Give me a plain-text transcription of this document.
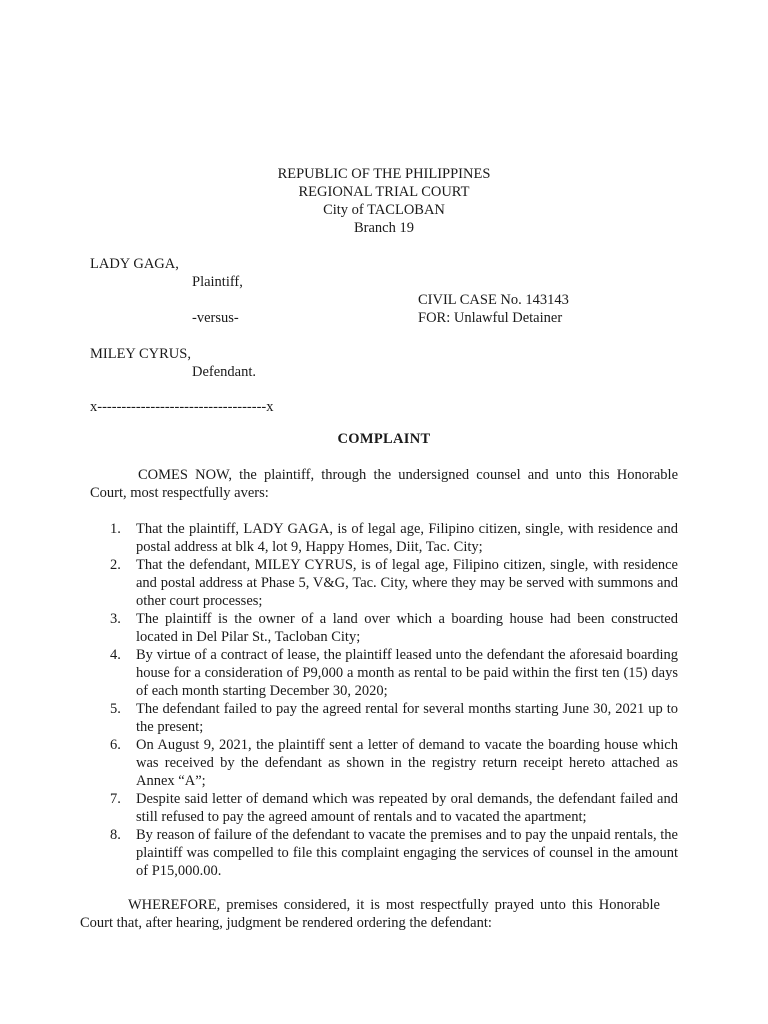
REPUBLIC OF THE PHILIPPINES
REGIONAL TRIAL COURT
City of TACLOBAN
Branch 19
LADY GAGA,
Plaintiff,
CIVIL CASE No. 143143
-versus-	FOR: Unlawful Detainer
MILEY CYRUS,
Defendant.
x-----------------------------------x
COMPLAINT
COMES NOW, the plaintiff, through the undersigned counsel and unto this Honorable Court, most respectfully avers:
1. That the plaintiff, LADY GAGA, is of legal age, Filipino citizen, single, with residence and postal address at blk 4, lot 9, Happy Homes, Diit, Tac. City;
2. That the defendant, MILEY CYRUS, is of legal age, Filipino citizen, single, with residence and postal address at Phase 5, V&G, Tac. City, where they may be served with summons and other court processes;
3. The plaintiff is the owner of a land over which a boarding house had been constructed located in Del Pilar St., Tacloban City;
4. By virtue of a contract of lease, the plaintiff leased unto the defendant the aforesaid boarding house for a consideration of P9,000 a month as rental to be paid within the first ten (15) days of each month starting December 30, 2020;
5. The defendant failed to pay the agreed rental for several months starting June 30, 2021 up to the present;
6. On August 9, 2021, the plaintiff sent a letter of demand to vacate the boarding house which was received by the defendant as shown in the registry return receipt hereto attached as Annex “A”;
7. Despite said letter of demand which was repeated by oral demands, the defendant failed and still refused to pay the agreed amount of rentals and to vacated the apartment;
8. By reason of failure of the defendant to vacate the premises and to pay the unpaid rentals, the plaintiff was compelled to file this complaint engaging the services of counsel in the amount of P15,000.00.
WHEREFORE, premises considered, it is most respectfully prayed unto this Honorable Court that, after hearing, judgment be rendered ordering the defendant:
